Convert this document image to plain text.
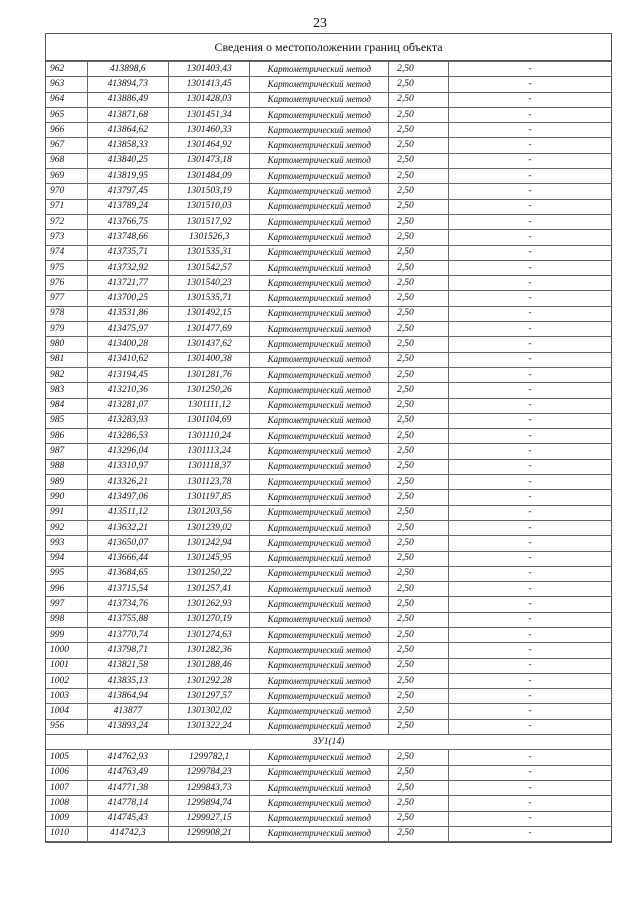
23
Сведения о местоположении границ объекта
962	413898,6	1301403,43	Картометрический метод	2,50	-
963	413894,73	1301413,45	Картометрический метод	2,50	-
964	413886,49	1301428,03	Картометрический метод	2,50	-
965	413871,68	1301451,34	Картометрический метод	2,50	-
966	413864,62	1301460,33	Картометрический метод	2,50	-
967	413858,33	1301464,92	Картометрический метод	2,50	-
968	413840,25	1301473,18	Картометрический метод	2,50	-
969	413819,95	1301484,09	Картометрический метод	2,50	-
970	413797,45	1301503,19	Картометрический метод	2,50	-
971	413789,24	1301510,03	Картометрический метод	2,50	-
972	413766,75	1301517,92	Картометрический метод	2,50	-
973	413748,66	1301526,3	Картометрический метод	2,50	-
974	413735,71	1301535,31	Картометрический метод	2,50	-
975	413732,92	1301542,57	Картометрический метод	2,50	-
976	413721,77	1301540,23	Картометрический метод	2,50	-
977	413700,25	1301535,71	Картометрический метод	2,50	-
978	413531,86	1301492,15	Картометрический метод	2,50	-
979	413475,97	1301477,69	Картометрический метод	2,50	-
980	413400,28	1301437,62	Картометрический метод	2,50	-
981	413410,62	1301400,38	Картометрический метод	2,50	-
982	413194,45	1301281,76	Картометрический метод	2,50	-
983	413210,36	1301250,26	Картометрический метод	2,50	-
984	413281,07	1301111,12	Картометрический метод	2,50	-
985	413283,93	1301104,69	Картометрический метод	2,50	-
986	413286,53	1301110,24	Картометрический метод	2,50	-
987	413296,04	1301113,24	Картометрический метод	2,50	-
988	413310,97	1301118,37	Картометрический метод	2,50	-
989	413326,21	1301123,78	Картометрический метод	2,50	-
990	413497,06	1301197,85	Картометрический метод	2,50	-
991	413511,12	1301203,56	Картометрический метод	2,50	-
992	413632,21	1301239,02	Картометрический метод	2,50	-
993	413650,07	1301242,94	Картометрический метод	2,50	-
994	413666,44	1301245,95	Картометрический метод	2,50	-
995	413684,65	1301250,22	Картометрический метод	2,50	-
996	413715,54	1301257,41	Картометрический метод	2,50	-
997	413734,76	1301262,93	Картометрический метод	2,50	-
998	413755,88	1301270,19	Картометрический метод	2,50	-
999	413770,74	1301274,63	Картометрический метод	2,50	-
1000	413798,71	1301282,36	Картометрический метод	2,50	-
1001	413821,58	1301288,46	Картометрический метод	2,50	-
1002	413835,13	1301292,28	Картометрический метод	2,50	-
1003	413864,94	1301297,57	Картометрический метод	2,50	-
1004	413877	1301302,02	Картометрический метод	2,50	-
956	413893,24	1301322,24	Картометрический метод	2,50	-
ЗУ1(14)					
1005	414762,93	1299782,1	Картометрический метод	2,50	-
1006	414763,49	1299784,23	Картометрический метод	2,50	-
1007	414771,38	1299843,73	Картометрический метод	2,50	-
1008	414778,14	1299894,74	Картометрический метод	2,50	-
1009	414745,43	1299927,15	Картометрический метод	2,50	-
1010	414742,3	1299908,21	Картометрический метод	2,50	-
